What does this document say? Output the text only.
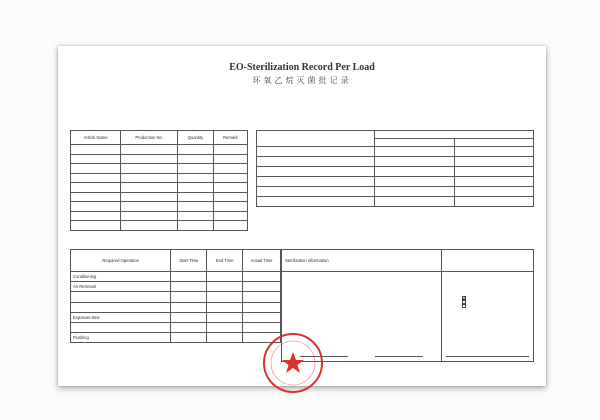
EO-Sterilization Record Per Load
环氧乙烷灭菌批记录
Article Name	Production No.	Quantity	Remark

Required Operation	Start Time	End Time	Actual Time
Conditioning			
Air Removal			

Exposure time			

Flushing			
Sterilization information
✓
